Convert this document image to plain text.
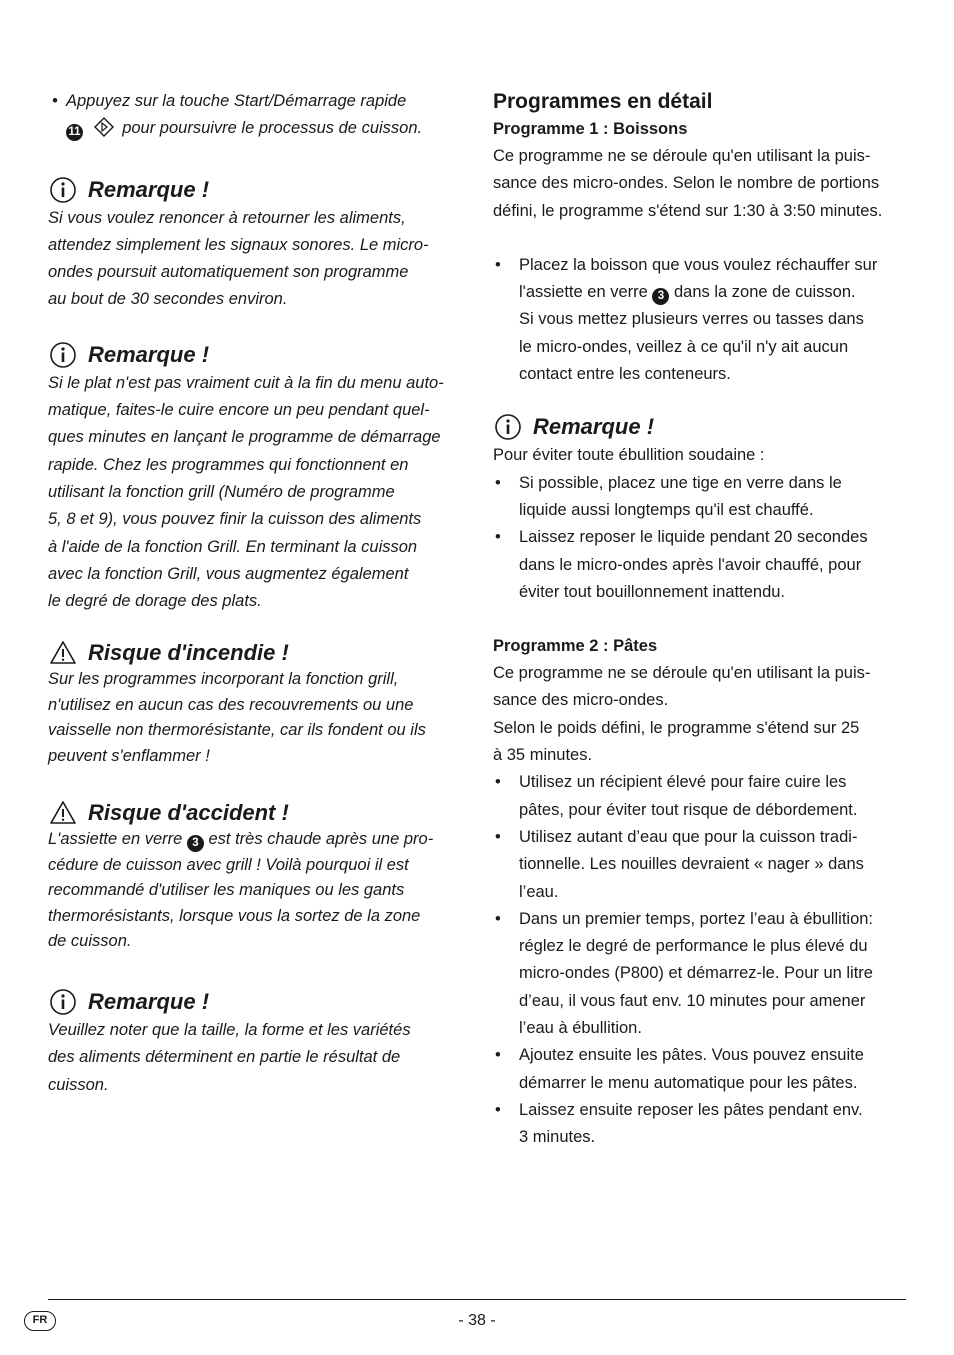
• Appuyez sur la touche Start/Démarrage rapide
11	pour poursuivre le processus de cuisson.
Remarque !

Si vous voulez renoncer à retourner les aliments,
attendez simplement les signaux sonores. Le micro-
ondes poursuit automatiquement son programme
au bout de 30 secondes environ.

Remarque !

Si le plat n'est pas vraiment cuit à la fin du menu auto-
matique, faites-le cuire encore un peu pendant quel-
ques minutes en lançant le programme de démarrage
rapide. Chez les programmes qui fonctionnent en
utilisant la fonction grill (Numéro de programme
5, 8 et 9), vous pouvez finir la cuisson des aliments
à l'aide de la fonction Grill. En terminant la cuisson
avec la fonction Grill, vous augmentez également
le degré de dorage des plats.

Risque d'incendie !

Sur les programmes incorporant la fonction grill,
n'utilisez en aucun cas des recouvrements ou une
vaisselle non thermorésistante, car ils fondent ou ils
peuvent s'enflammer !

Risque d'accident !

L'assiette en verre 3 est très chaude après une pro-
cédure de cuisson avec grill ! Voilà pourquoi il est
recommandé d'utiliser les maniques ou les gants
thermorésistants, lorsque vous la sortez de la zone
de cuisson.

Remarque !

Veuillez noter que la taille, la forme et les variétés
des aliments déterminent en partie le résultat de
cuisson.

Programmes en détail
Programme 1 : Boissons

Ce programme ne se déroule qu'en utilisant la puis-
sance des micro-ondes. Selon le nombre de portions
défini, le programme s'étend sur 1:30 à 3:50 minutes.

• Placez la boisson que vous voulez réchauffer sur
l'assiette en verre 3 dans la zone de cuisson.
Si vous mettez plusieurs verres ou tasses dans
le micro-ondes, veillez à ce qu'il n'y ait aucun
contact entre les conteneurs.
Remarque !

Pour éviter toute ébullition soudaine :

• Si possible, placez une tige en verre dans le
liquide aussi longtemps qu'il est chauffé.
• Laissez reposer le liquide pendant 20 secondes
dans le micro-ondes après l'avoir chauffé, pour
éviter tout bouillonnement inattendu.
Programme 2 : Pâtes

Ce programme ne se déroule qu'en utilisant la puis-
sance des micro-ondes.
Selon le poids défini, le programme s'étend sur 25
à 35 minutes.

• Utilisez un récipient élevé pour faire cuire les
pâtes, pour éviter tout risque de débordement.
• Utilisez autant d’eau que pour la cuisson tradi-
tionnelle. Les nouilles devraient « nager » dans
l’eau.
• Dans un premier temps, portez l’eau à ébullition:
réglez le degré de performance le plus élevé du
micro-ondes (P800) et démarrez-le. Pour un litre
d’eau, il vous faut env. 10 minutes pour amener
l’eau à ébullition.
• Ajoutez ensuite les pâtes. Vous pouvez ensuite
démarrer le menu automatique pour les pâtes.
• Laissez ensuite reposer les pâtes pendant env.
3 minutes.
FR	- 38 -
